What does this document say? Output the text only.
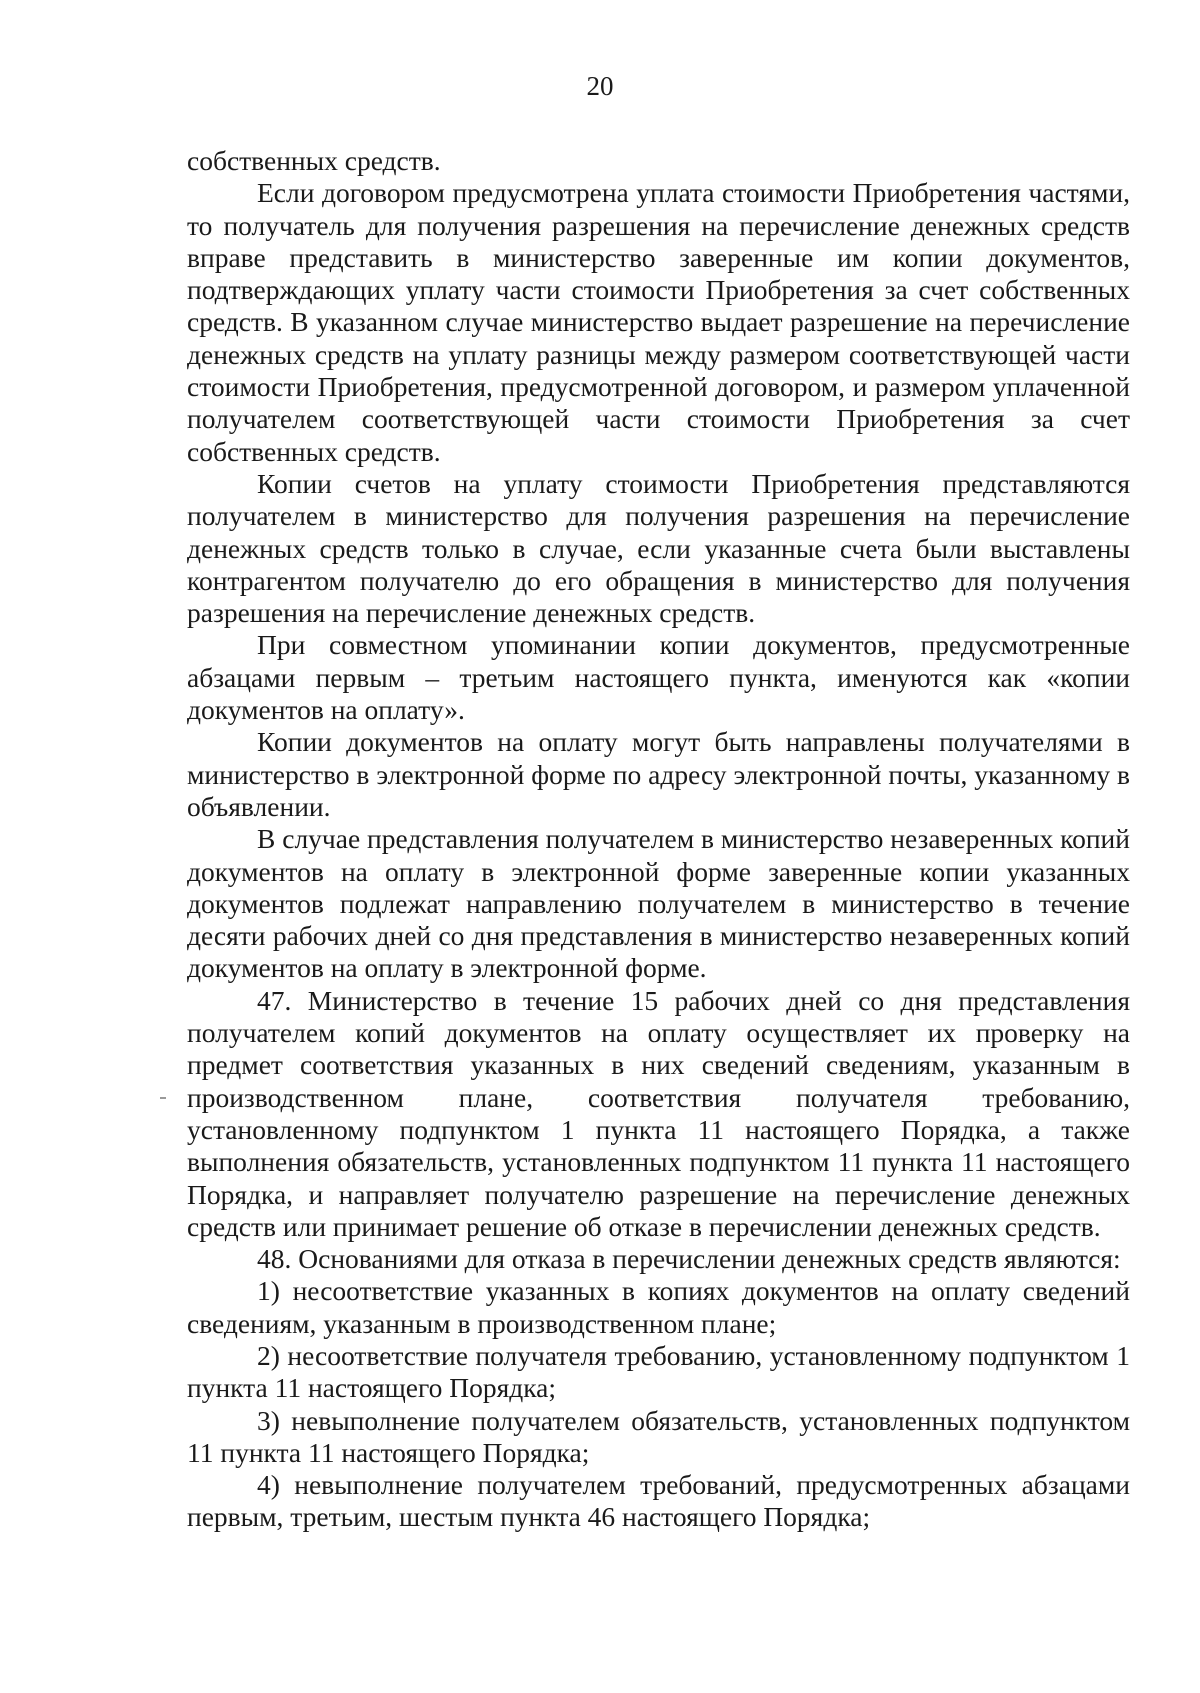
20

собственных средств.

Если договором предусмотрена уплата стоимости Приобретения частями, то получатель для получения разрешения на перечисление денежных средств вправе представить в министерство заверенные им копии документов, подтверждающих уплату части стоимости Приобретения за счет собственных средств. В указанном случае министерство выдает разрешение на перечисление денежных средств на уплату разницы между размером соответствующей части стоимости Приобретения, предусмотренной договором, и размером уплаченной получателем соответствующей части стоимости Приобретения за счет собственных средств.

Копии счетов на уплату стоимости Приобретения представляются получателем в министерство для получения разрешения на перечисление денежных средств только в случае, если указанные счета были выставлены контрагентом получателю до его обращения в министерство для получения разрешения на перечисление денежных средств.

При совместном упоминании копии документов, предусмотренные абзацами первым – третьим настоящего пункта, именуются как «копии документов на оплату».

Копии документов на оплату могут быть направлены получателями в министерство в электронной форме по адресу электронной почты, указанному в объявлении.

В случае представления получателем в министерство незаверенных копий документов на оплату в электронной форме заверенные копии указанных документов подлежат направлению получателем в министерство в течение десяти рабочих дней со дня представления в министерство незаверенных копий документов на оплату в электронной форме.

47. Министерство в течение 15 рабочих дней со дня представления получателем копий документов на оплату осуществляет их проверку на предмет соответствия указанных в них сведений сведениям, указанным в производственном плане, соответствия получателя требованию, установленному подпунктом 1 пункта 11 настоящего Порядка, а также выполнения обязательств, установленных подпунктом 11 пункта 11 настоящего Порядка, и направляет получателю разрешение на перечисление денежных средств или принимает решение об отказе в перечислении денежных средств.

48. Основаниями для отказа в перечислении денежных средств являются:

1) несоответствие указанных в копиях документов на оплату сведений сведениям, указанным в производственном плане;

2) несоответствие получателя требованию, установленному подпунктом 1 пункта 11 настоящего Порядка;

3) невыполнение получателем обязательств, установленных подпунктом 11 пункта 11 настоящего Порядка;

4) невыполнение получателем требований, предусмотренных абзацами первым, третьим, шестым пункта 46 настоящего Порядка;
